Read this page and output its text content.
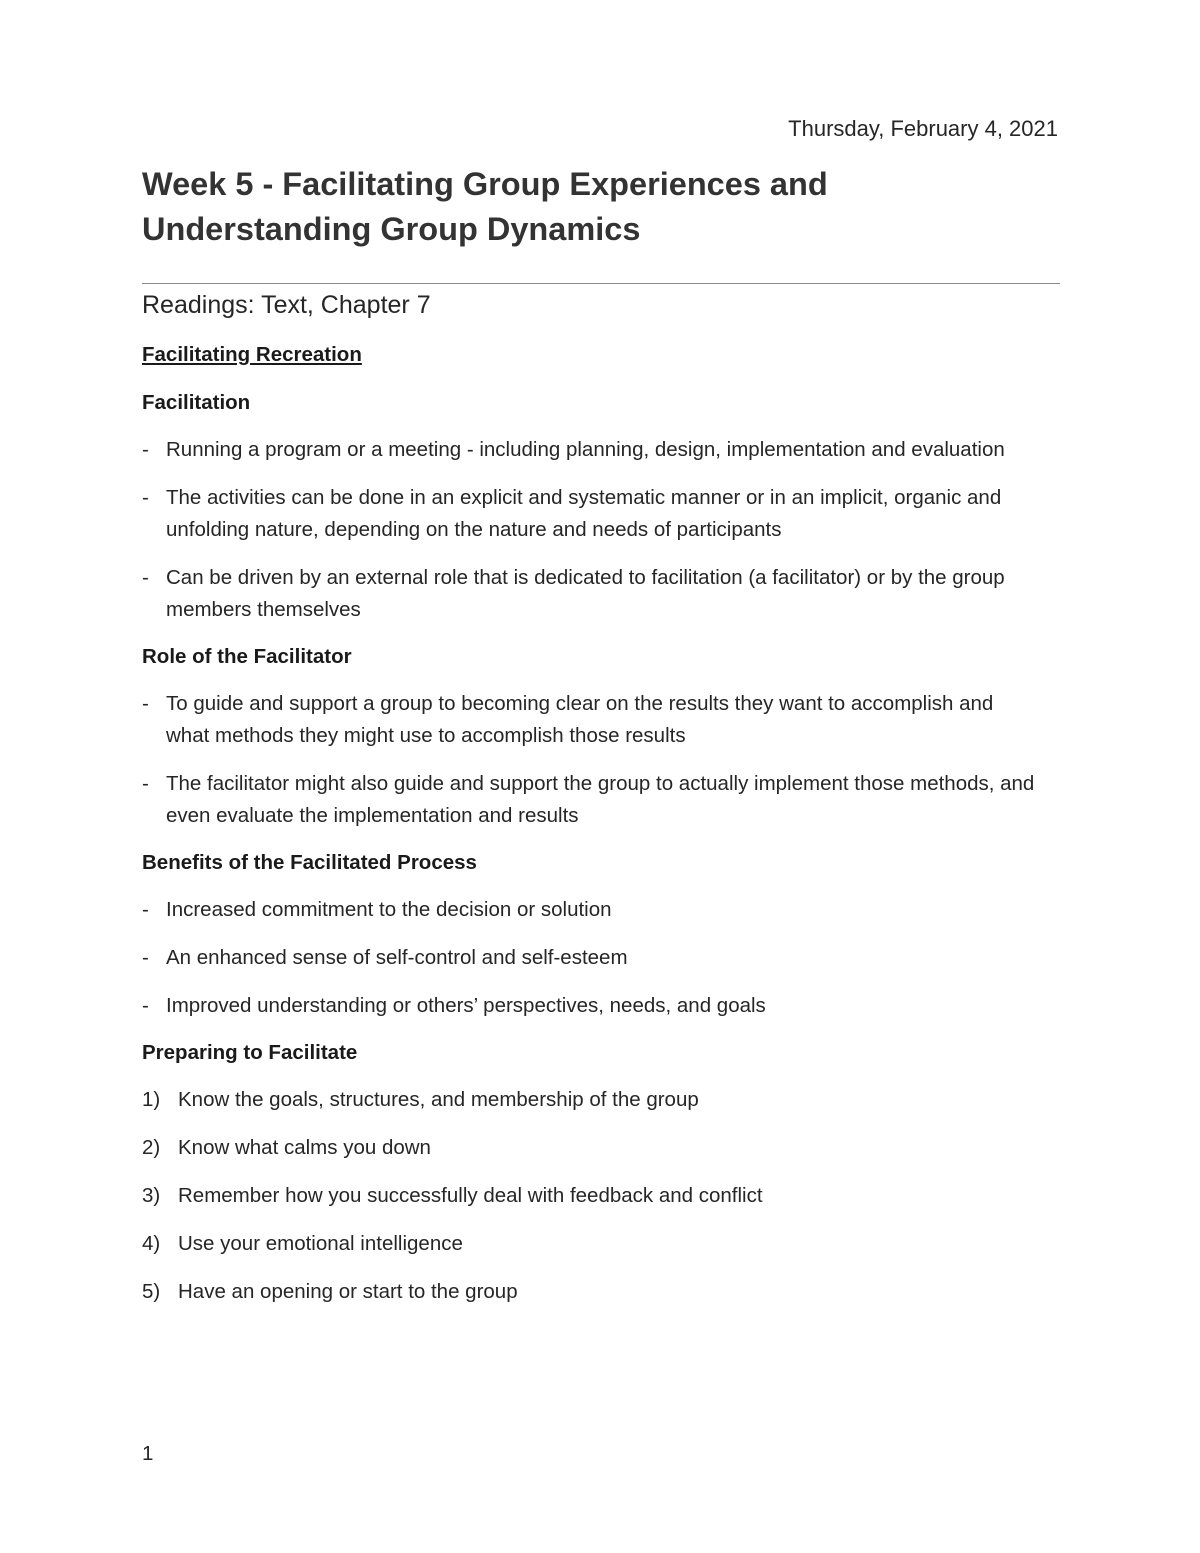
Thursday, February 4, 2021
Week 5 - Facilitating Group Experiences and Understanding Group Dynamics
Readings: Text, Chapter 7
Facilitating Recreation
Facilitation
- Running a program or a meeting - including planning, design, implementation and evaluation
- The activities can be done in an explicit and systematic manner or in an implicit, organic and unfolding nature, depending on the nature and needs of participants
- Can be driven by an external role that is dedicated to facilitation (a facilitator) or by the group members themselves
Role of the Facilitator
- To guide and support a group to becoming clear on the results they want to accomplish and what methods they might use to accomplish those results
- The facilitator might also guide and support the group to actually implement those methods, and even evaluate the implementation and results
Benefits of the Facilitated Process
- Increased commitment to the decision or solution
- An enhanced sense of self-control and self-esteem
- Improved understanding or others’ perspectives, needs, and goals
Preparing to Facilitate
1) Know the goals, structures, and membership of the group
2) Know what calms you down
3) Remember how you successfully deal with feedback and conflict
4) Use your emotional intelligence
5) Have an opening or start to the group
1
